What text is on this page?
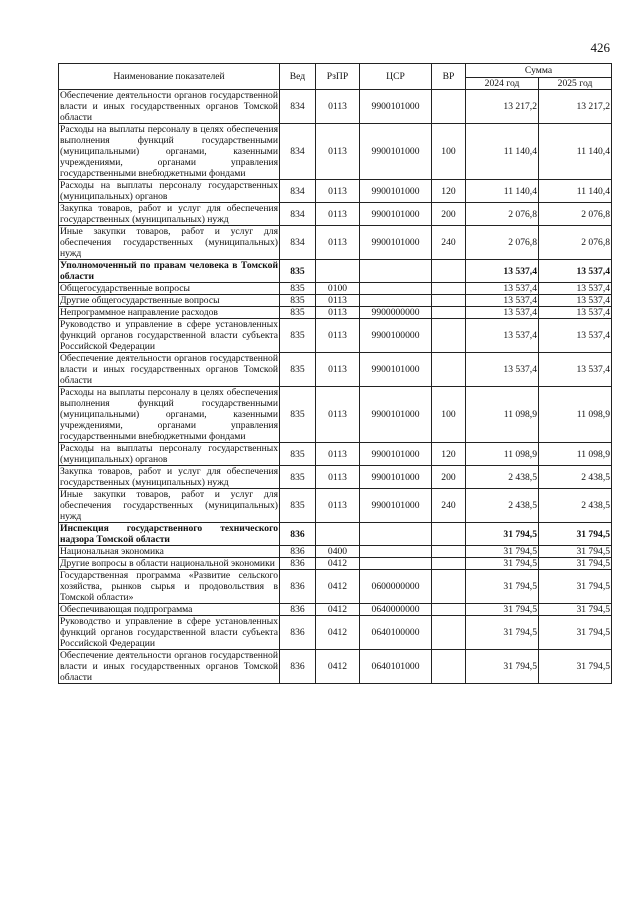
426
Наименование показателей	Вед	РзПР	ЦСР	ВР	Сумма	
					2024 год	2025 год
Обеспечение деятельности органов государственной власти и иных государственных органов Томской области	834	0113	9900101000		13 217,2	13 217,2
Расходы на выплаты персоналу в целях обеспечения выполнения функций государственными (муниципальными) органами, казенными учреждениями, органами управления государственными внебюджетными фондами	834	0113	9900101000	100	11 140,4	11 140,4
Расходы на выплаты персоналу государственных (муниципальных) органов	834	0113	9900101000	120	11 140,4	11 140,4
Закупка товаров, работ и услуг для обеспечения государственных (муниципальных) нужд	834	0113	9900101000	200	2 076,8	2 076,8
Иные закупки товаров, работ и услуг для обеспечения государственных (муниципальных) нужд	834	0113	9900101000	240	2 076,8	2 076,8
Уполномоченный по правам человека в Томской области	835				13 537,4	13 537,4
Общегосударственные вопросы	835	0100			13 537,4	13 537,4
Другие общегосударственные вопросы	835	0113			13 537,4	13 537,4
Непрограммное направление расходов	835	0113	9900000000		13 537,4	13 537,4
Руководство и управление в сфере установленных функций органов государственной власти субъекта Российской Федерации	835	0113	9900100000		13 537,4	13 537,4
Обеспечение деятельности органов государственной власти и иных государственных органов Томской области	835	0113	9900101000		13 537,4	13 537,4
Расходы на выплаты персоналу в целях обеспечения выполнения функций государственными (муниципальными) органами, казенными учреждениями, органами управления государственными внебюджетными фондами	835	0113	9900101000	100	11 098,9	11 098,9
Расходы на выплаты персоналу государственных (муниципальных) органов	835	0113	9900101000	120	11 098,9	11 098,9
Закупка товаров, работ и услуг для обеспечения государственных (муниципальных) нужд	835	0113	9900101000	200	2 438,5	2 438,5
Иные закупки товаров, работ и услуг для обеспечения государственных (муниципальных) нужд	835	0113	9900101000	240	2 438,5	2 438,5
Инспекция государственного технического надзора Томской области	836				31 794,5	31 794,5
Национальная экономика	836	0400			31 794,5	31 794,5
Другие вопросы в области национальной экономики	836	0412			31 794,5	31 794,5
Государственная программа «Развитие сельского хозяйства, рынков сырья и продовольствия в Томской области»	836	0412	0600000000		31 794,5	31 794,5
Обеспечивающая подпрограмма	836	0412	0640000000		31 794,5	31 794,5
Руководство и управление в сфере установленных функций органов государственной власти субъекта Российской Федерации	836	0412	0640100000		31 794,5	31 794,5
Обеспечение деятельности органов государственной власти и иных государственных органов Томской области	836	0412	0640101000		31 794,5	31 794,5
